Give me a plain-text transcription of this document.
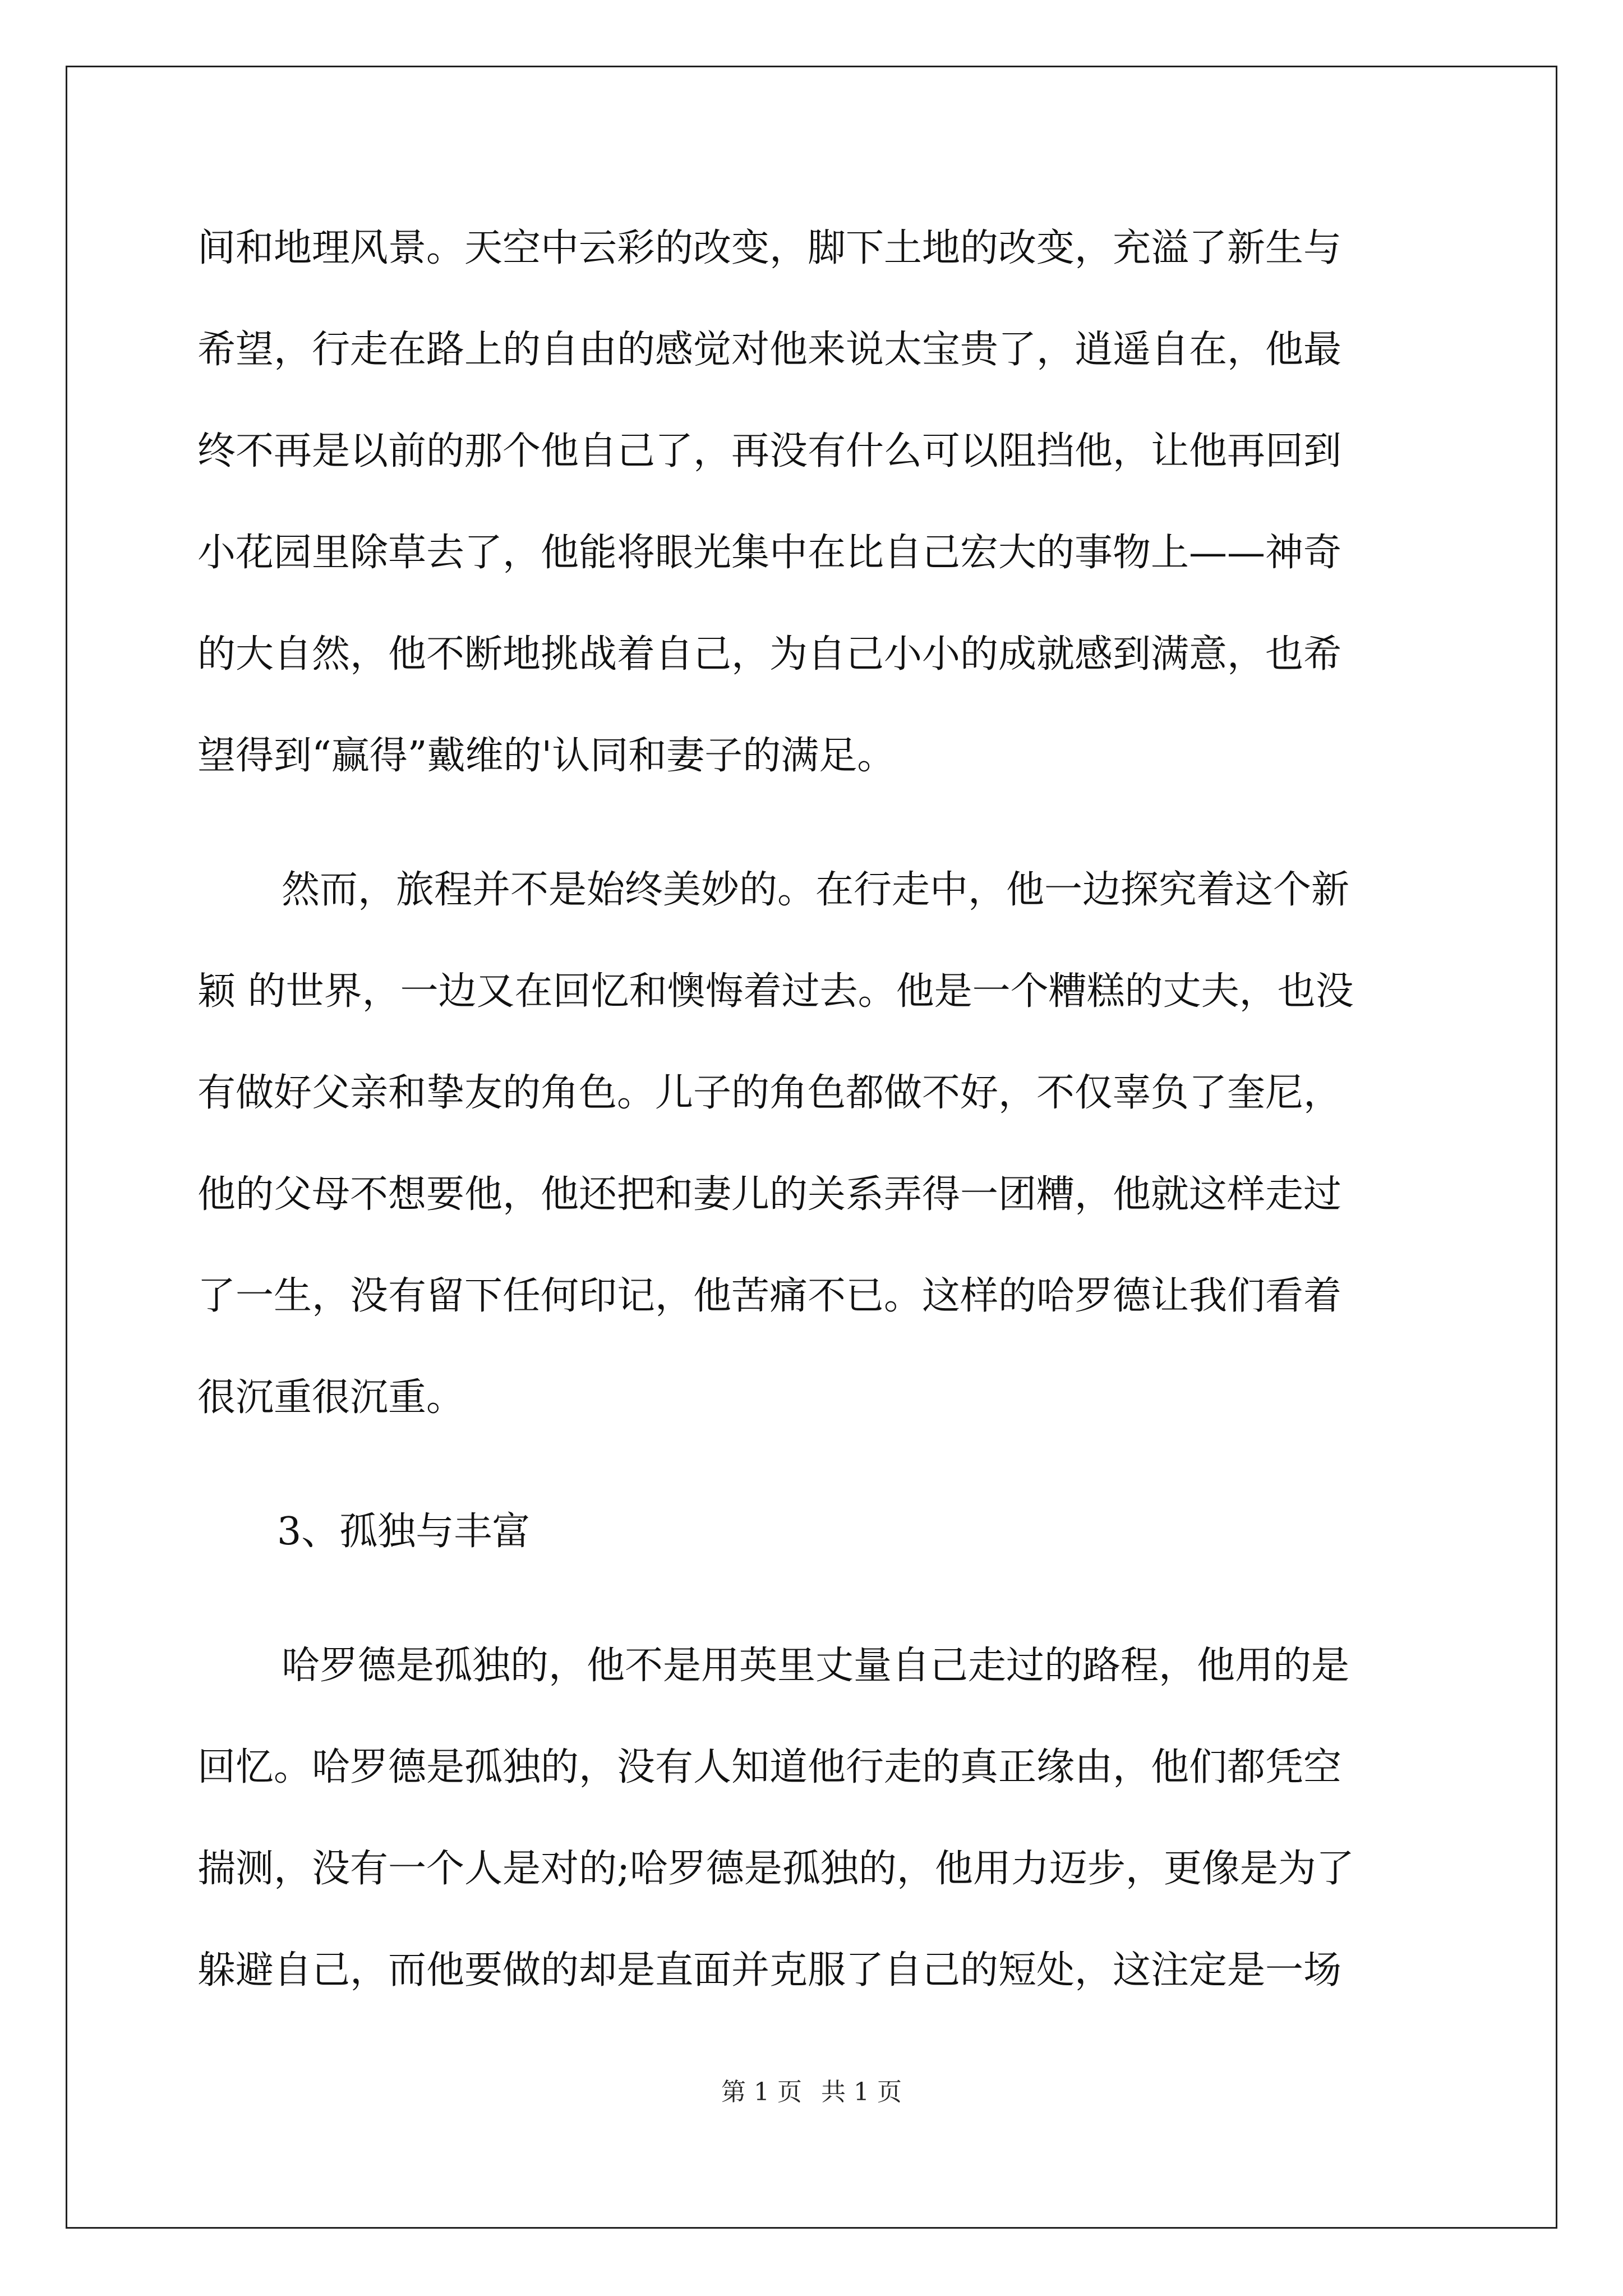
间和地理风景。天空中云彩的改变，脚下土地的改变，充溢了新生与
希望，行走在路上的自由的感觉对他来说太宝贵了，逍遥自在，他最
终不再是以前的那个他自己了，再没有什么可以阻挡他，让他再回到
小花园里除草去了，他能将眼光集中在比自己宏大的事物上——神奇
的大自然，他不断地挑战着自己，为自己小小的成就感到满意，也希
望得到“赢得”戴维的'认同和妻子的满足。
然而，旅程并不是始终美妙的。在行走中，他一边探究着这个新
颖 的世界，一边又在回忆和懊悔着过去。他是一个糟糕的丈夫，也没
有做好父亲和挚友的角色。儿子的角色都做不好，不仅辜负了奎尼，
他的父母不想要他，他还把和妻儿的关系弄得一团糟，他就这样走过
了一生，没有留下任何印记，他苦痛不已。这样的哈罗德让我们看着
很沉重很沉重。
3、孤独与丰富
哈罗德是孤独的，他不是用英里丈量自己走过的路程，他用的是
回忆。哈罗德是孤独的，没有人知道他行走的真正缘由，他们都凭空
揣测，没有一个人是对的;哈罗德是孤独的，他用力迈步，更像是为了
躲避自己，而他要做的却是直面并克服了自己的短处，这注定是一场
第 1 页 共 1 页
